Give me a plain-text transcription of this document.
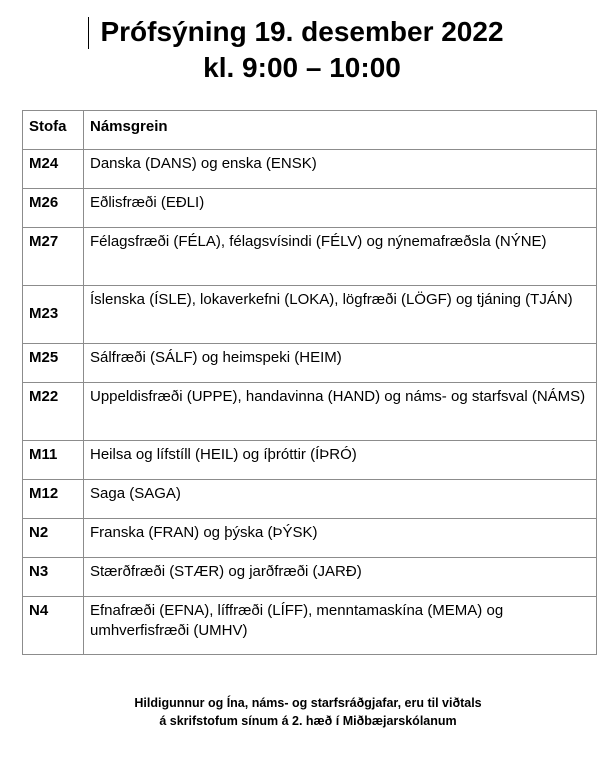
Prófsýning 19. desember 2022
kl. 9:00 – 10:00
Stofa	Námsgrein
M24	Danska (DANS) og enska (ENSK)
M26	Eðlisfræði (EÐLI)
M27	Félagsfræði (FÉLA), félagsvísindi (FÉLV) og nýnemafræðsla (NÝNE)
M23	Íslenska (ÍSLE), lokaverkefni (LOKA), lögfræði (LÖGF) og tjáning (TJÁN)
M25	Sálfræði (SÁLF) og heimspeki (HEIM)
M22	Uppeldisfræði (UPPE), handavinna (HAND) og náms- og starfsval (NÁMS)
M11	Heilsa og lífstíll (HEIL) og íþróttir (ÍÞRÓ)
M12	Saga (SAGA)
N2	Franska (FRAN) og þýska (ÞÝSK)
N3	Stærðfræði (STÆR) og jarðfræði (JARÐ)
N4	Efnafræði (EFNA), líffræði (LÍFF), menntamaskína (MEMA) og umhverfisfræði (UMHV)
Hildigunnur og Ína, náms- og starfsráðgjafar, eru til viðtals
á skrifstofum sínum á 2. hæð í Miðbæjarskólanum
